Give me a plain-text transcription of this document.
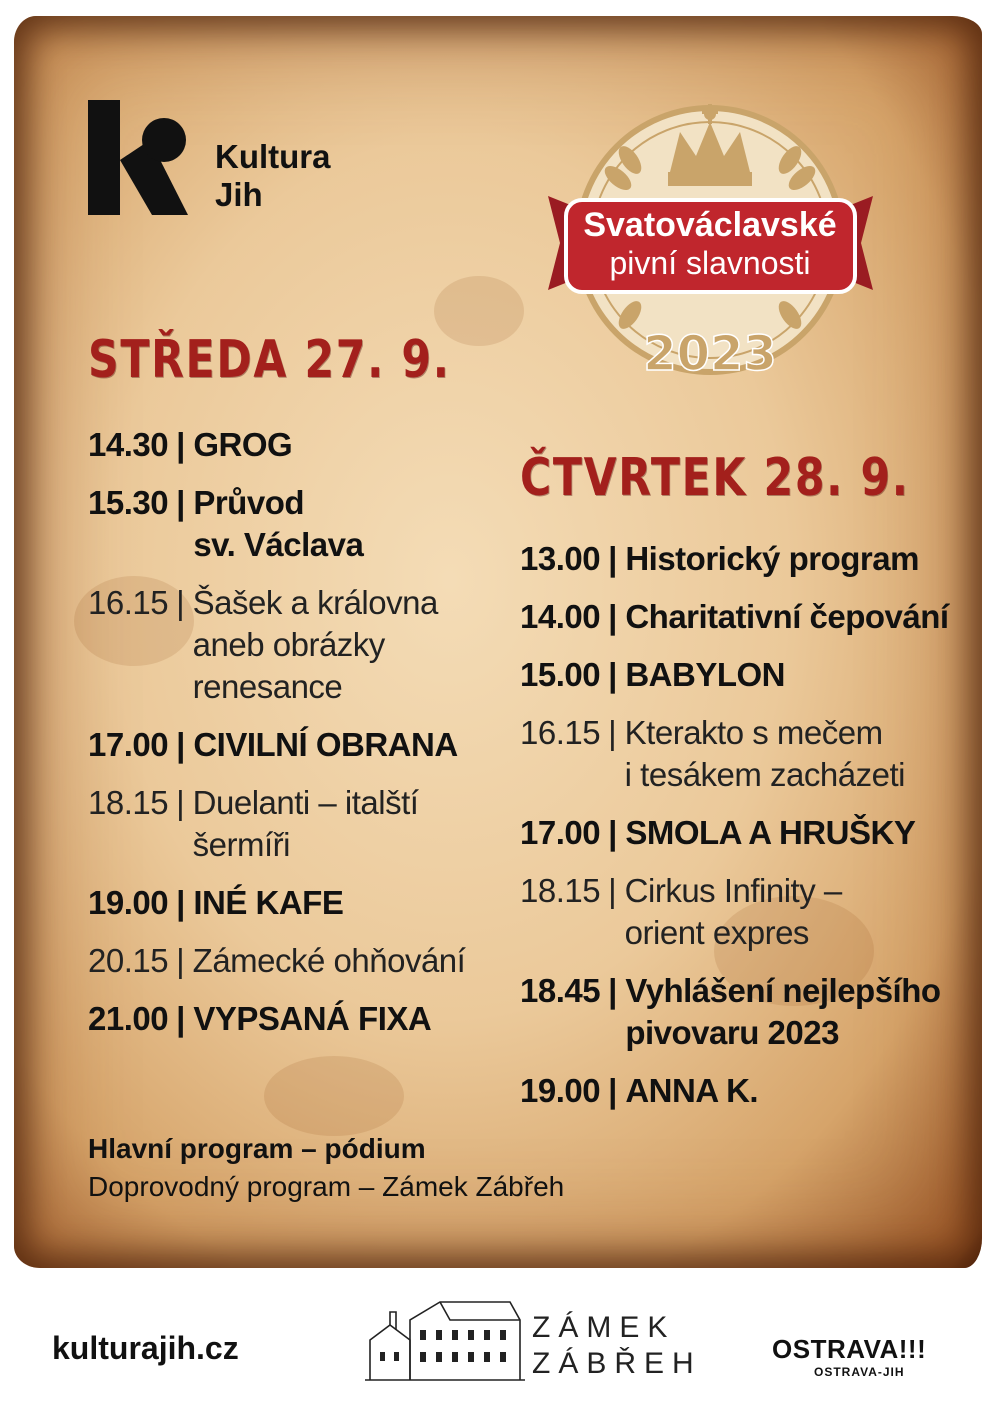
Kultura
Jih
Svatováclavské
pivní slavnosti
2023
STŘEDA 27. 9.
ČTVRTEK 28. 9.
14.30 | GROG
15.30 | Průvod
sv. Václava
16.15 | Šašek a královna
aneb obrázky
renesance
17.00 | CIVILNÍ OBRANA
18.15 | Duelanti – italští
šermíři
19.00 | INÉ KAFE
20.15 | Zámecké ohňování
21.00 | VYPSANÁ FIXA
13.00 | Historický program
14.00 | Charitativní čepování
15.00 | BABYLON
16.15 | Kterakto s mečem
i tesákem zacházeti
17.00 | SMOLA A HRUŠKY
18.15 | Cirkus Infinity –
orient expres
18.45 | Vyhlášení nejlepšího
pivovaru 2023
19.00 | ANNA K.
Hlavní program – pódium
Doprovodný program – Zámek Zábřeh
kulturajih.cz
ZÁMEK
ZÁBŘEH	OSTRAVA!!!
OSTRAVA-JIH
